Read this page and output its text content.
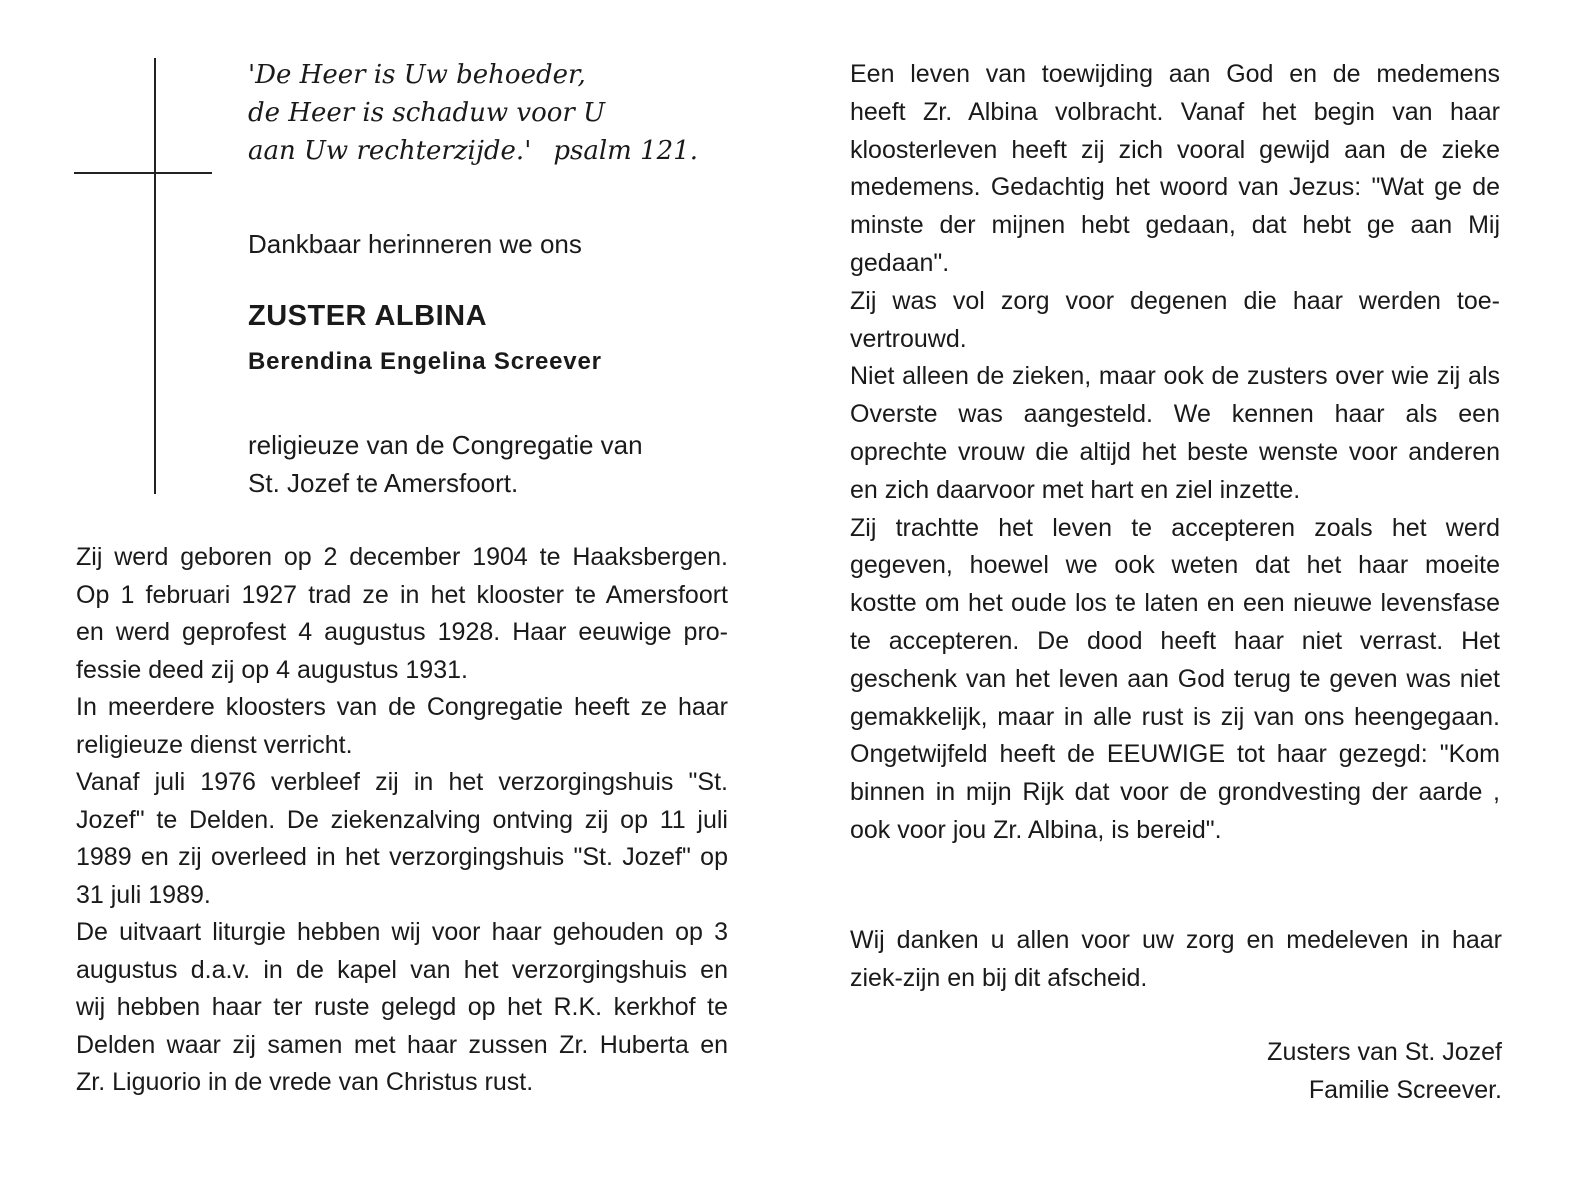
'De Heer is Uw behoeder,
de Heer is schaduw voor U
aan Uw rechterzijde.' psalm 121.
Dankbaar herinneren we ons
ZUSTER ALBINA
Berendina Engelina Screever
religieuze van de Congregatie van
St. Jozef te Amersfoort.
Zij werd geboren op 2 december 1904 te Haaksbergen.
Op 1 februari 1927 trad ze in het klooster te Amersfoort
en werd geprofest 4 augustus 1928. Haar eeuwige pro-
fessie deed zij op 4 augustus 1931.
In meerdere kloosters van de Congregatie heeft ze haar
religieuze dienst verricht.
Vanaf juli 1976 verbleef zij in het verzorgingshuis "St.
Jozef" te Delden. De ziekenzalving ontving zij op 11 juli
1989 en zij overleed in het verzorgingshuis "St. Jozef" op
31 juli 1989.
De uitvaart liturgie hebben wij voor haar gehouden op 3
augustus d.a.v. in de kapel van het verzorgingshuis en
wij hebben haar ter ruste gelegd op het R.K. kerkhof te
Delden waar zij samen met haar zussen Zr. Huberta en
Zr. Liguorio in de vrede van Christus rust.
Een leven van toewijding aan God en de medemens
heeft Zr. Albina volbracht. Vanaf het begin van haar
kloosterleven heeft zij zich vooral gewijd aan de zieke
medemens. Gedachtig het woord van Jezus: "Wat ge de
minste der mijnen hebt gedaan, dat hebt ge aan Mij
gedaan".
Zij was vol zorg voor degenen die haar werden toe-
vertrouwd.
Niet alleen de zieken, maar ook de zusters over wie zij als
Overste was aangesteld. We kennen haar als een
oprechte vrouw die altijd het beste wenste voor anderen
en zich daarvoor met hart en ziel inzette.
Zij trachtte het leven te accepteren zoals het werd
gegeven, hoewel we ook weten dat het haar moeite
kostte om het oude los te laten en een nieuwe levensfase
te accepteren. De dood heeft haar niet verrast. Het
geschenk van het leven aan God terug te geven was niet
gemakkelijk, maar in alle rust is zij van ons heengegaan.
Ongetwijfeld heeft de EEUWIGE tot haar gezegd: "Kom
binnen in mijn Rijk dat voor de grondvesting der aarde ,
ook voor jou Zr. Albina, is bereid".
Wij danken u allen voor uw zorg en medeleven in haar
ziek-zijn en bij dit afscheid.
Zusters van St. Jozef
Familie Screever.
